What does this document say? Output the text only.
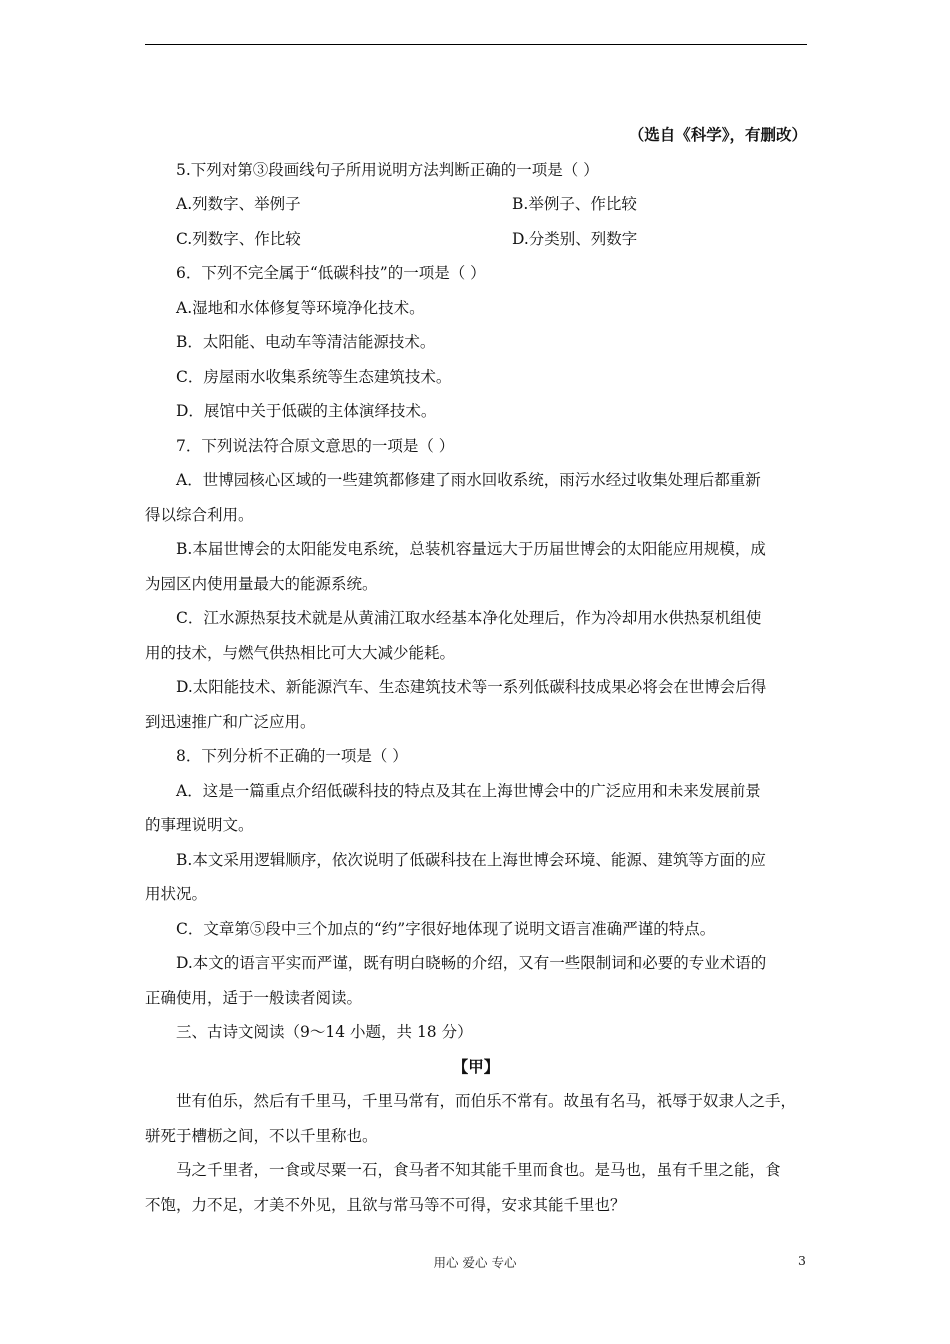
（选自《科学》，有删改）

5.下列对第③段画线句子所用说明方法判断正确的一项是（ ）

A.列数字、举例子	B.举例子、作比较
C.列数字、作比较	D.分类别、列数字

6．下列不完全属于“低碳科技”的一项是（ ）

A.湿地和水体修复等环境净化技术。

B．太阳能、电动车等清洁能源技术。

C．房屋雨水收集系统等生态建筑技术。

D．展馆中关于低碳的主体演绎技术。

7．下列说法符合原文意思的一项是（ ）

A．世博园核心区域的一些建筑都修建了雨水回收系统，雨污水经过收集处理后都重新

得以综合利用。

B.本届世博会的太阳能发电系统，总装机容量远大于历届世博会的太阳能应用规模，成

为园区内使用量最大的能源系统。

C．江水源热泵技术就是从黄浦江取水经基本净化处理后，作为冷却用水供热泵机组使

用的技术，与燃气供热相比可大大减少能耗。

D.太阳能技术、新能源汽车、生态建筑技术等一系列低碳科技成果必将会在世博会后得

到迅速推广和广泛应用。

8．下列分析不正确的一项是（ ）

A．这是一篇重点介绍低碳科技的特点及其在上海世博会中的广泛应用和未来发展前景

的事理说明文。

B.本文采用逻辑顺序，依次说明了低碳科技在上海世博会环境、能源、建筑等方面的应

用状况。

C．文章第⑤段中三个加点的“约”字很好地体现了说明文语言准确严谨的特点。

D.本文的语言平实而严谨，既有明白晓畅的介绍，又有一些限制词和必要的专业术语的

正确使用，适于一般读者阅读。

三、古诗文阅读（9～14 小题，共 18 分）

【甲】

世有伯乐，然后有千里马，千里马常有，而伯乐不常有。故虽有名马，祇辱于奴隶人之手，

骈死于槽枥之间，不以千里称也。

马之千里者，一食或尽粟一石，食马者不知其能千里而食也。是马也，虽有千里之能，食

不饱，力不足，才美不外见，且欲与常马等不可得，安求其能千里也？

用心 爱心 专心	3
